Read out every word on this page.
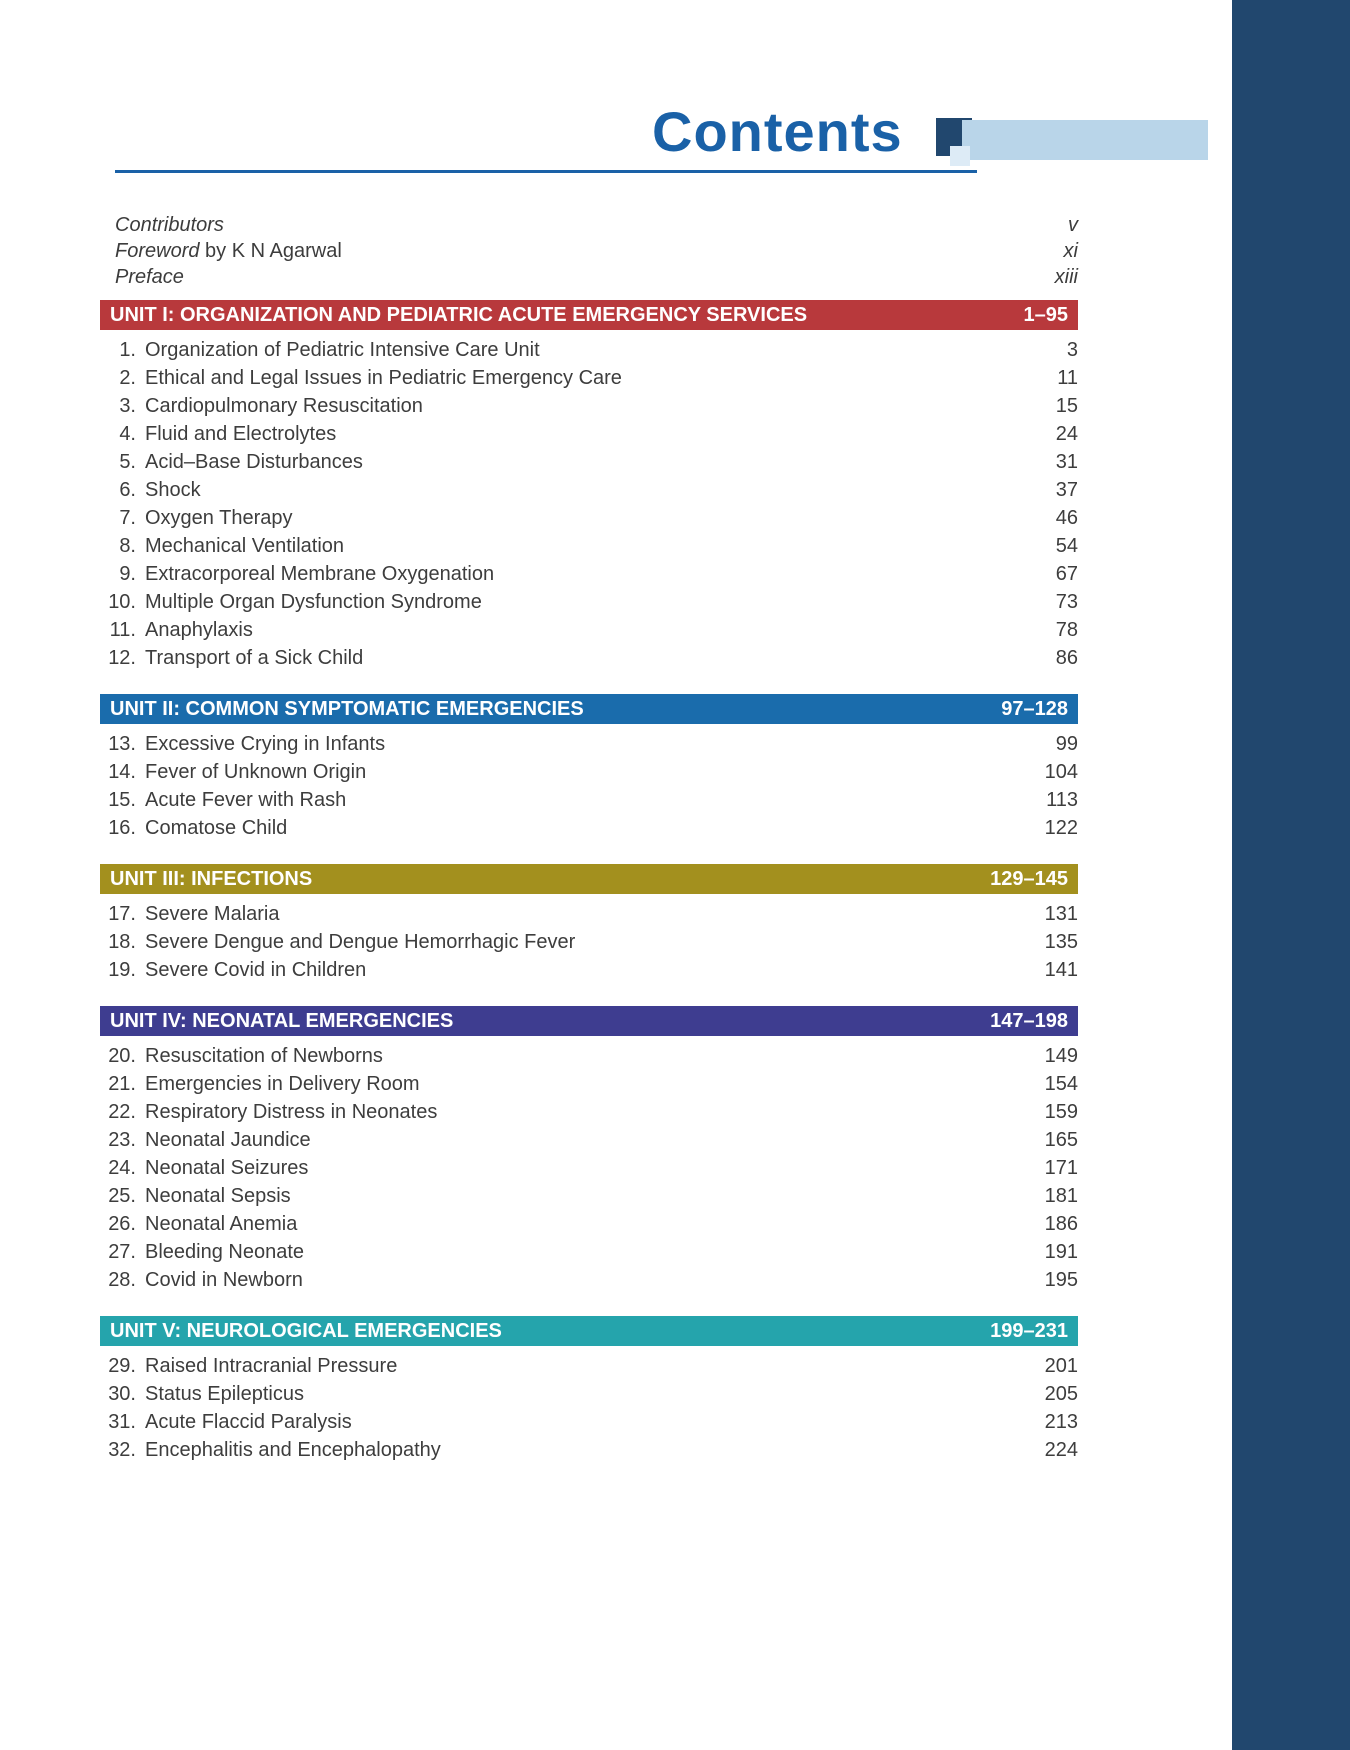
Contents
Contributors	v
Foreword by K N Agarwal	xi
Preface	xiii
UNIT I: ORGANIZATION AND PEDIATRIC ACUTE EMERGENCY SERVICES	1–95
1. Organization of Pediatric Intensive Care Unit	3
2. Ethical and Legal Issues in Pediatric Emergency Care	11
3. Cardiopulmonary Resuscitation	15
4. Fluid and Electrolytes	24
5. Acid–Base Disturbances	31
6. Shock	37
7. Oxygen Therapy	46
8. Mechanical Ventilation	54
9. Extracorporeal Membrane Oxygenation	67
10. Multiple Organ Dysfunction Syndrome	73
11. Anaphylaxis	78
12. Transport of a Sick Child	86
UNIT II: COMMON SYMPTOMATIC EMERGENCIES	97–128
13. Excessive Crying in Infants	99
14. Fever of Unknown Origin	104
15. Acute Fever with Rash	113
16. Comatose Child	122
UNIT III: INFECTIONS	129–145
17. Severe Malaria	131
18. Severe Dengue and Dengue Hemorrhagic Fever	135
19. Severe Covid in Children	141
UNIT IV: NEONATAL EMERGENCIES	147–198
20. Resuscitation of Newborns	149
21. Emergencies in Delivery Room	154
22. Respiratory Distress in Neonates	159
23. Neonatal Jaundice	165
24. Neonatal Seizures	171
25. Neonatal Sepsis	181
26. Neonatal Anemia	186
27. Bleeding Neonate	191
28. Covid in Newborn	195
UNIT V: NEUROLOGICAL EMERGENCIES	199–231
29. Raised Intracranial Pressure	201
30. Status Epilepticus	205
31. Acute Flaccid Paralysis	213
32. Encephalitis and Encephalopathy	224
